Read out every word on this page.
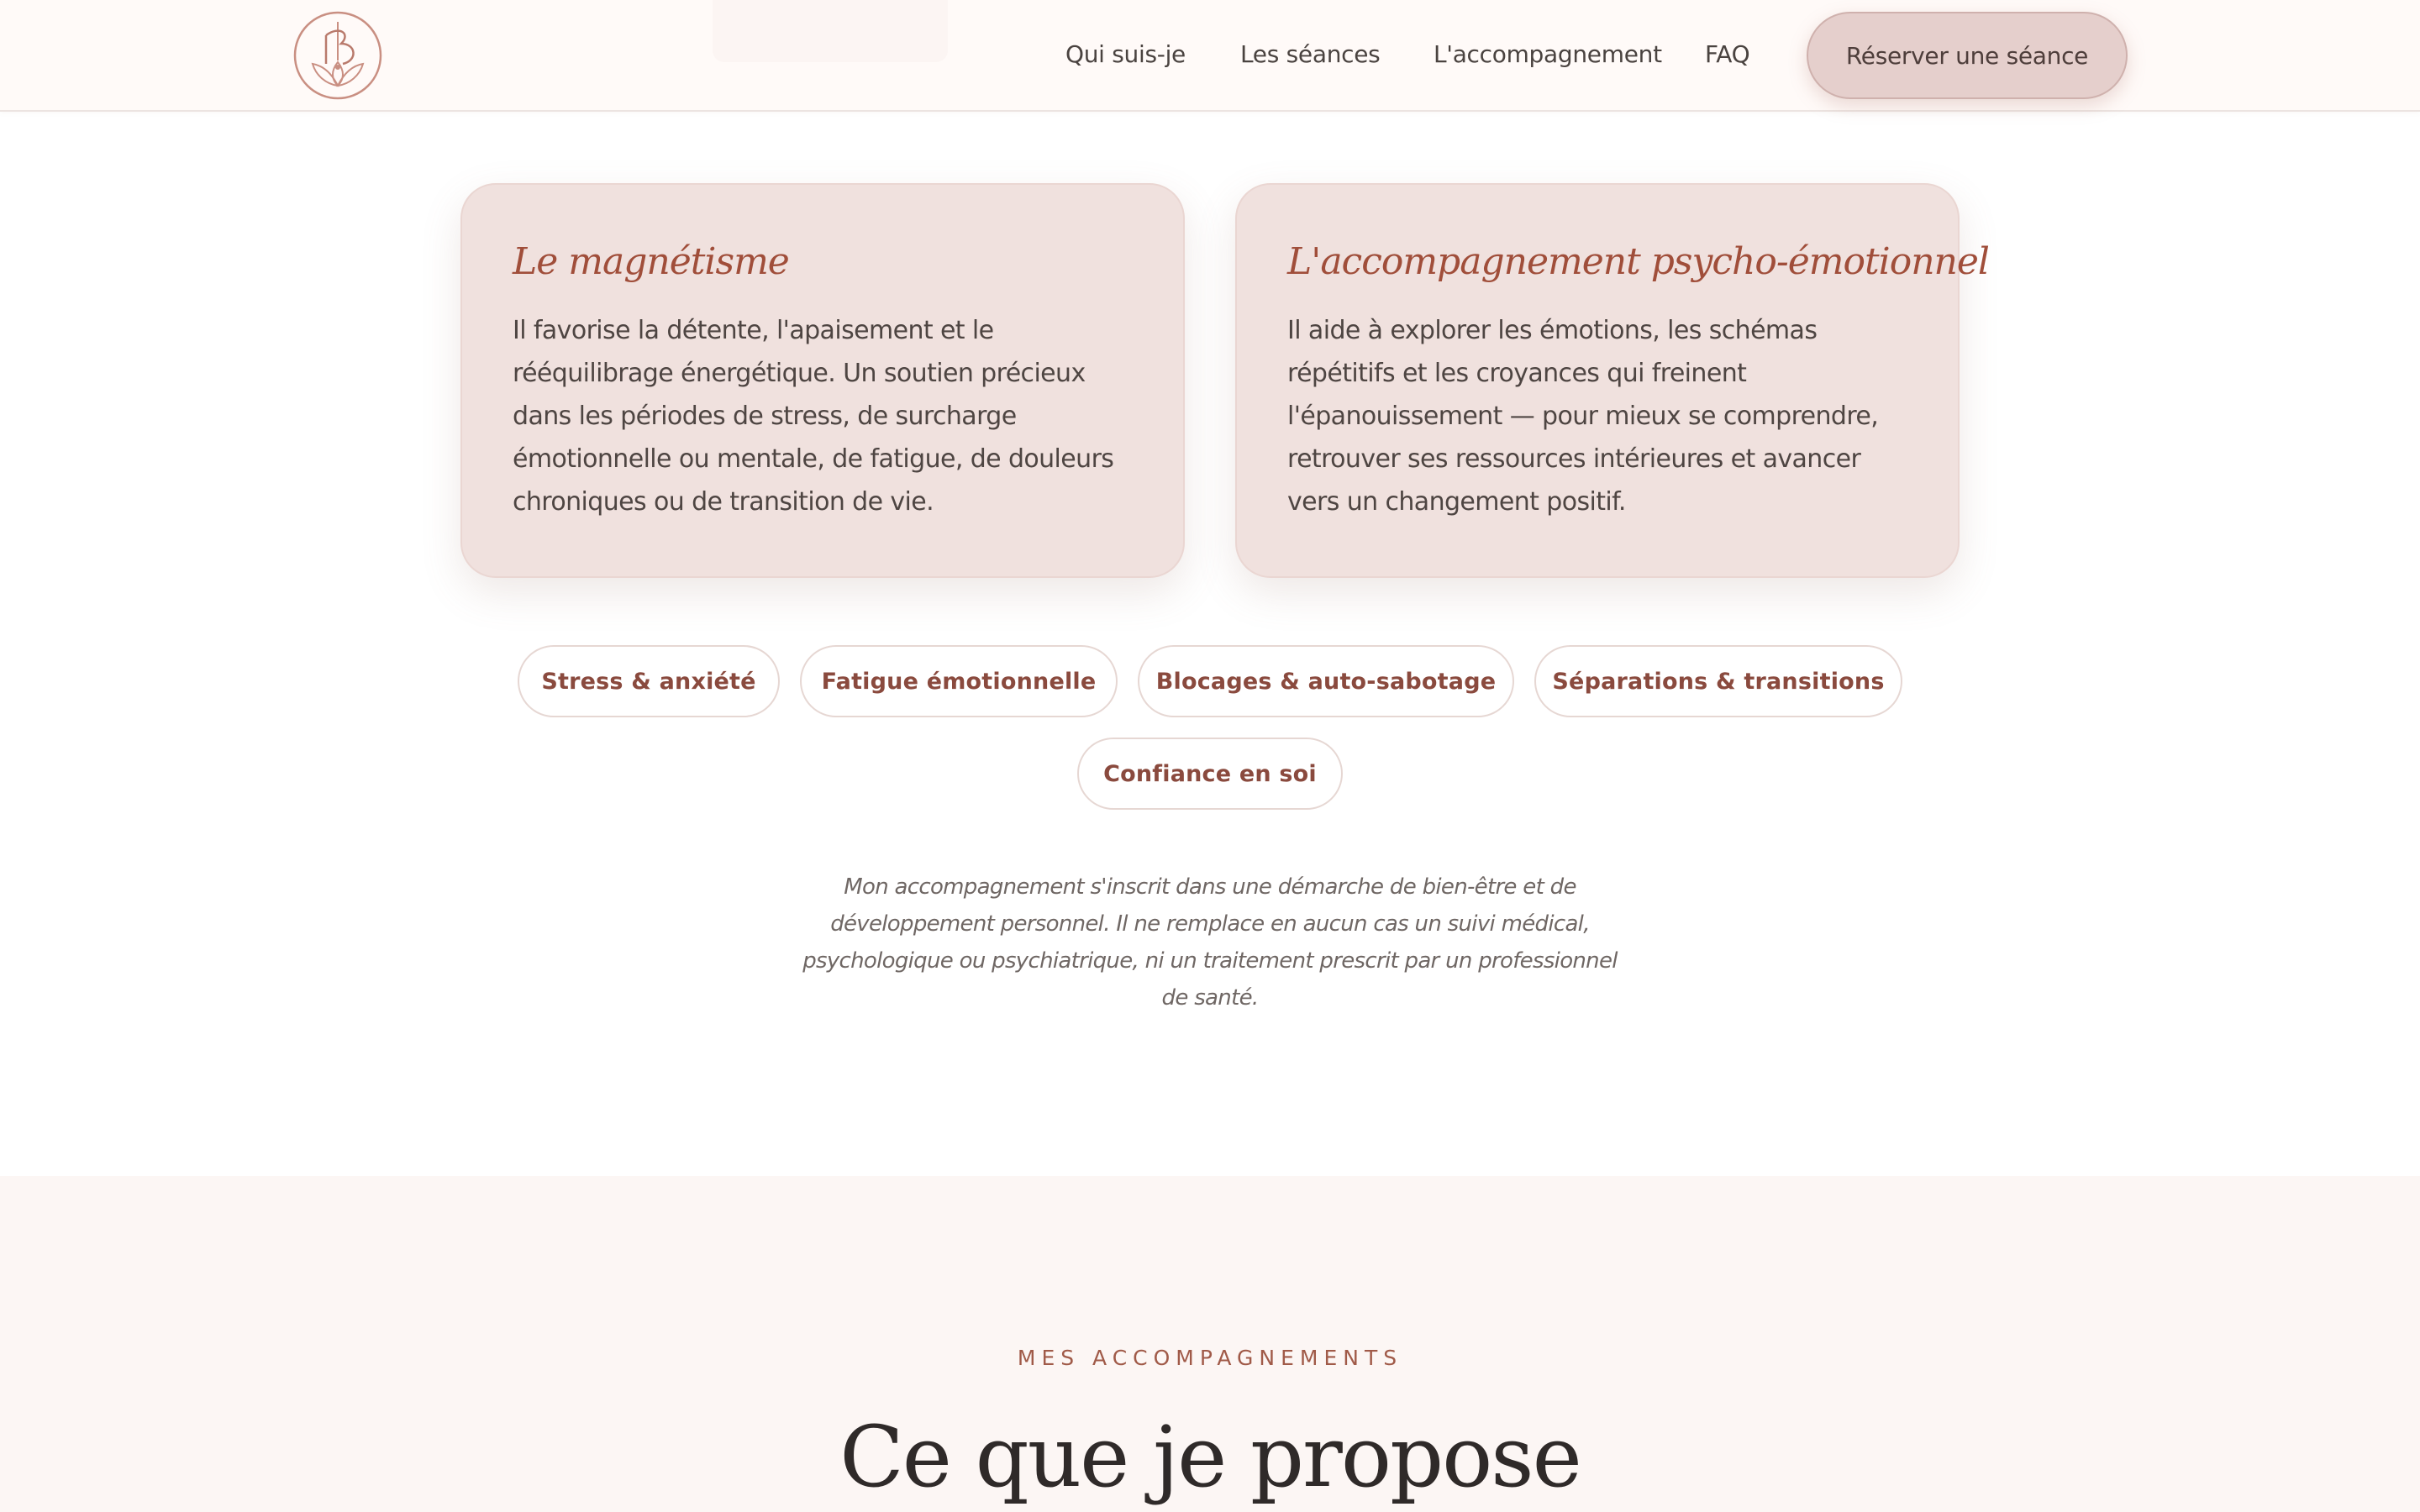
Qui suis-je Les séances L'accompagnement FAQ	Réserver une séance
Le magnétisme

Il favorise la détente, l'apaisement et le rééquilibrage énergétique. Un soutien précieux dans les périodes de stress, de surcharge émotionnelle ou mentale, de fatigue, de douleurs chroniques ou de transition de vie.

L'accompagnement psycho-émotionnel

Il aide à explorer les émotions, les schémas répétitifs et les croyances qui freinent l'épanouissement — pour mieux se comprendre, retrouver ses ressources intérieures et avancer vers un changement positif.

Stress & anxiété	Fatigue émotionnelle	Blocages & auto-sabotage	Séparations & transitions
Confiance en soi

Mon accompagnement s'inscrit dans une démarche de bien-être et de développement personnel. Il ne remplace en aucun cas un suivi médical, psychologique ou psychiatrique, ni un traitement prescrit par un professionnel de santé.

MES ACCOMPAGNEMENTS
Ce que je propose
